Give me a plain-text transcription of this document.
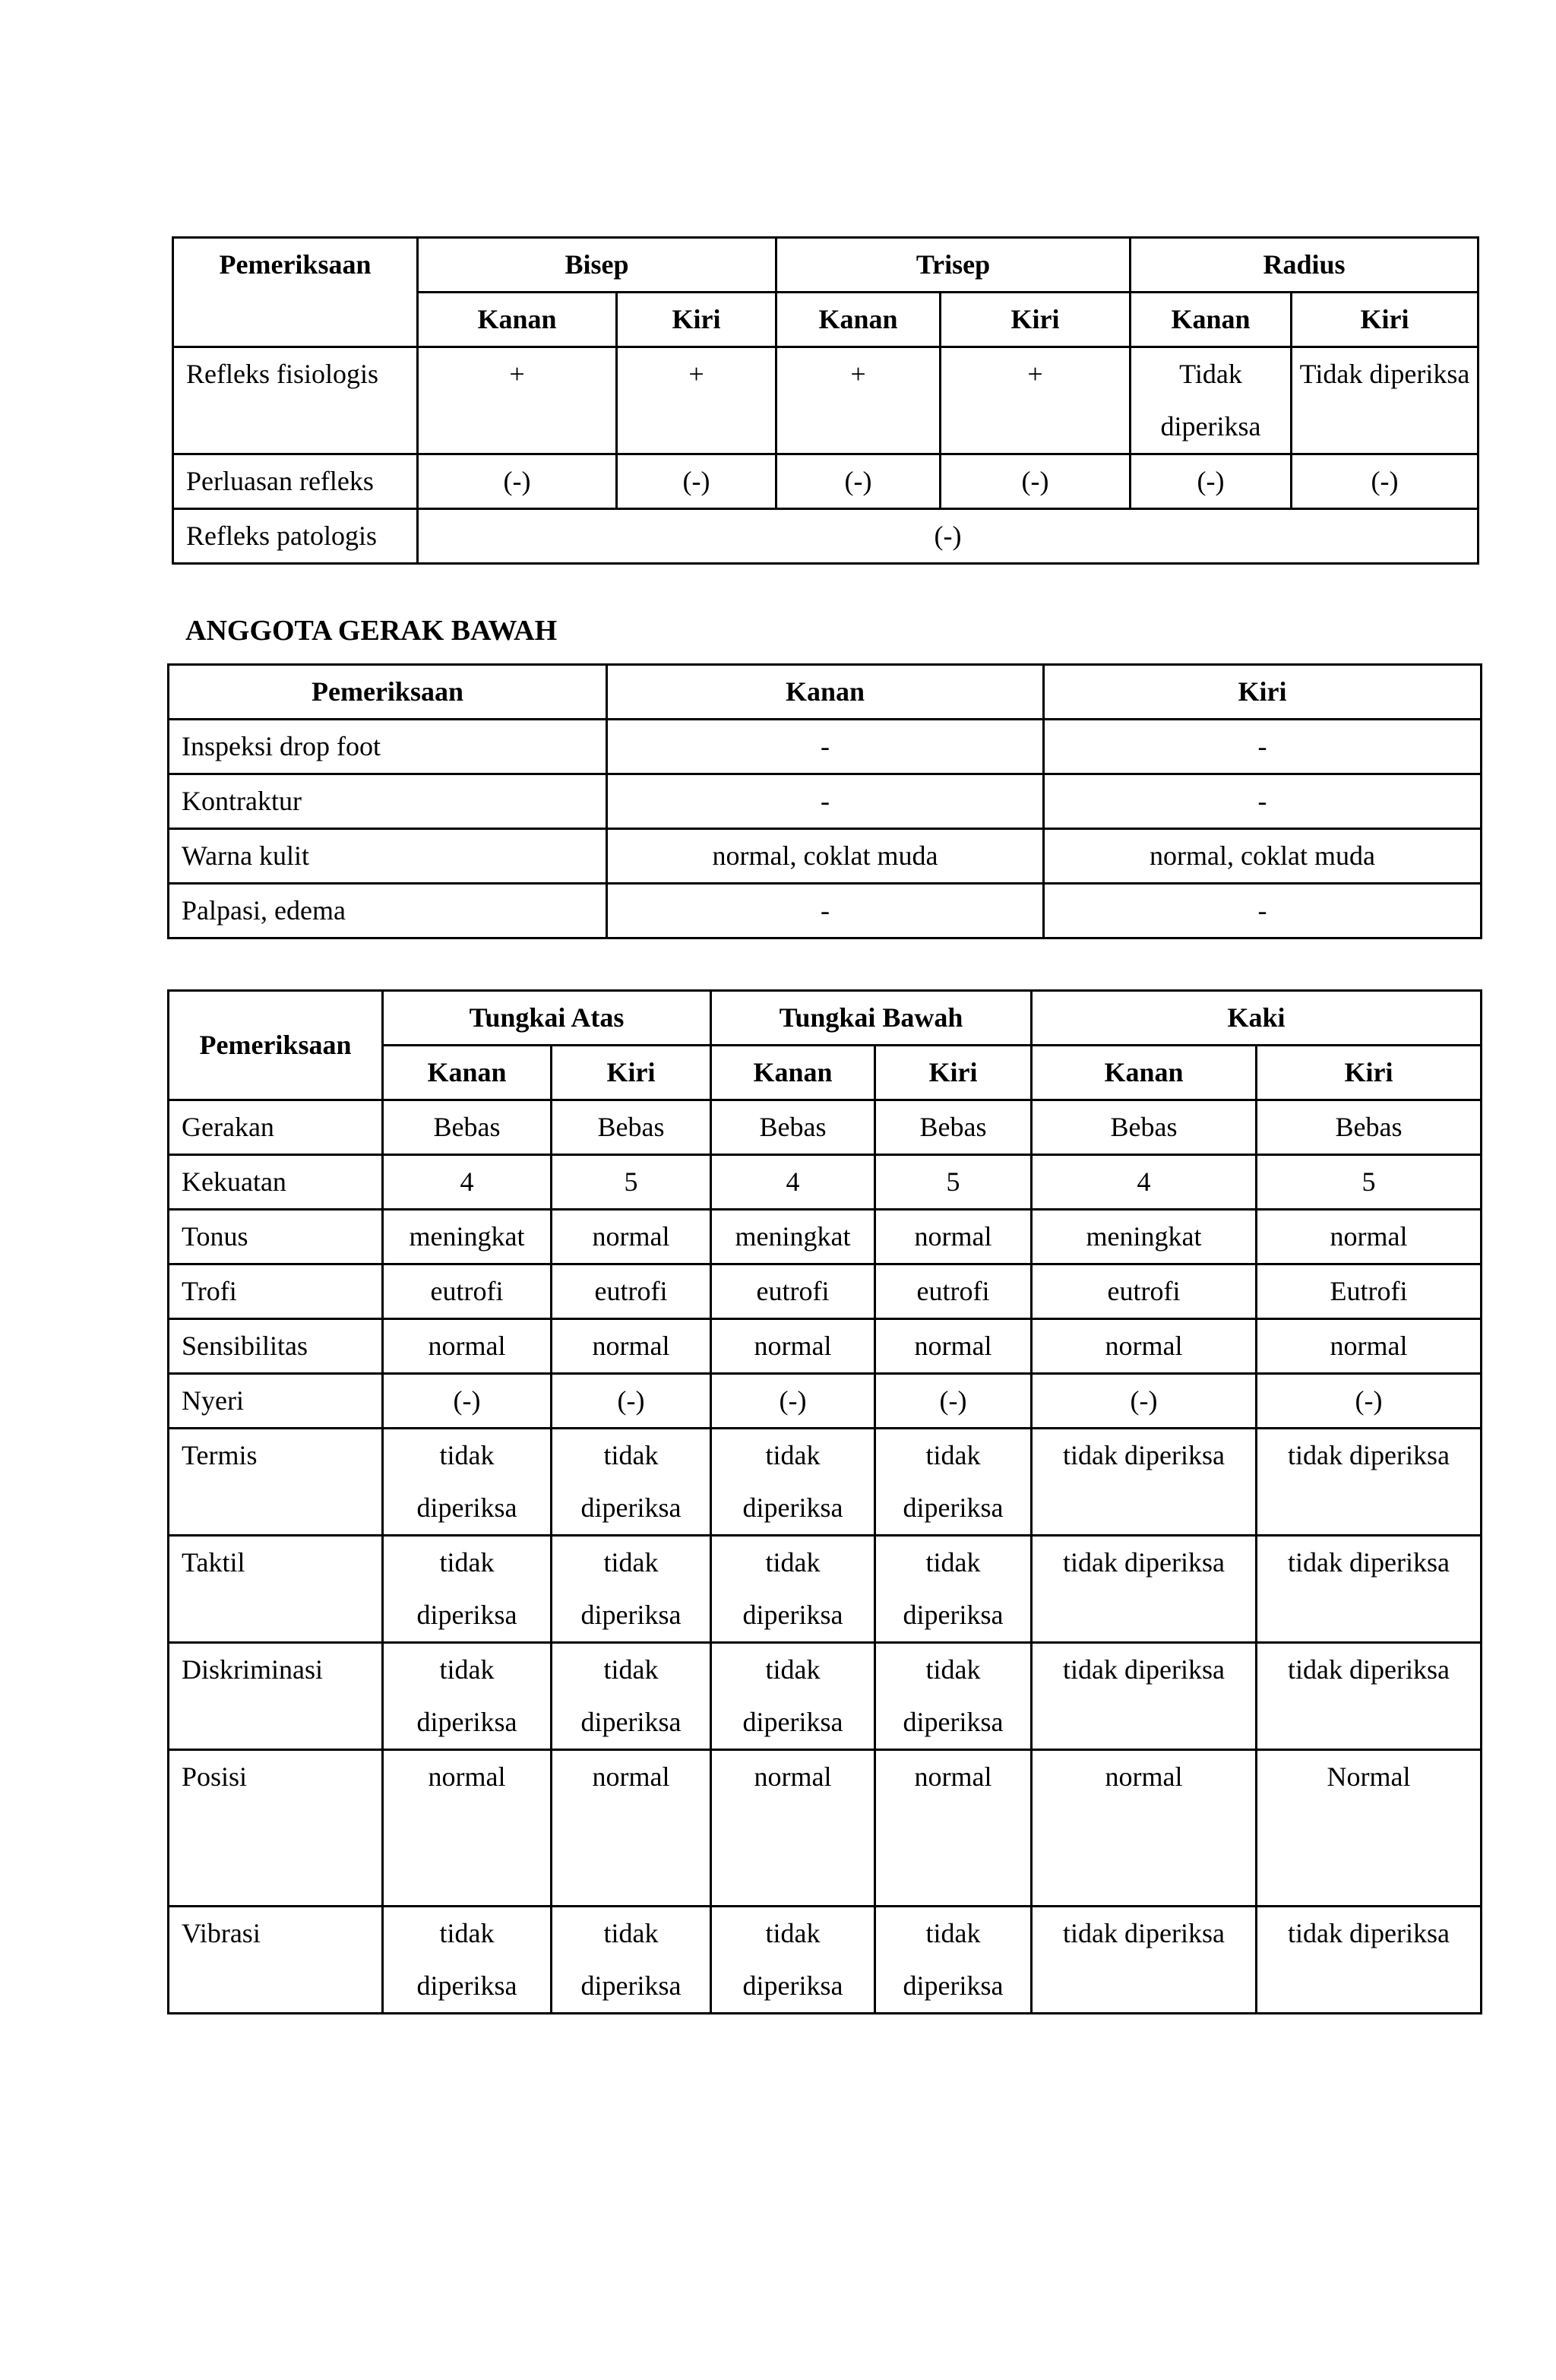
Pemeriksaan	Bisep		Trisep		Radius	
	Kanan	Kiri	Kanan	Kiri	Kanan	Kiri
Refleks fisiologis	+	+	+	+	Tidak diperiksa	Tidak diperiksa
Perluasan refleks	(-)	(-)	(-)	(-)	(-)	(-)
Refleks patologis	(-)					
ANGGOTA GERAK BAWAH
Pemeriksaan	Kanan	Kiri
Inspeksi drop foot	-	-
Kontraktur	-	-
Warna kulit	normal, coklat muda	normal, coklat muda
Palpasi, edema	-	-
Pemeriksaan	Tungkai Atas		Tungkai Bawah		Kaki	
	Kanan	Kiri	Kanan	Kiri	Kanan	Kiri
Gerakan	Bebas	Bebas	Bebas	Bebas	Bebas	Bebas
Kekuatan	4	5	4	5	4	5
Tonus	meningkat	normal	meningkat	normal	meningkat	normal
Trofi	eutrofi	eutrofi	eutrofi	eutrofi	eutrofi	Eutrofi
Sensibilitas	normal	normal	normal	normal	normal	normal
Nyeri	(-)	(-)	(-)	(-)	(-)	(-)
Termis	tidak diperiksa	tidak diperiksa	tidak diperiksa	tidak diperiksa	tidak diperiksa	tidak diperiksa
Taktil	tidak diperiksa	tidak diperiksa	tidak diperiksa	tidak diperiksa	tidak diperiksa	tidak diperiksa
Diskriminasi	tidak diperiksa	tidak diperiksa	tidak diperiksa	tidak diperiksa	tidak diperiksa	tidak diperiksa
Posisi	normal	normal	normal	normal	normal	Normal
Vibrasi	tidak diperiksa	tidak diperiksa	tidak diperiksa	tidak diperiksa	tidak diperiksa	tidak diperiksa
